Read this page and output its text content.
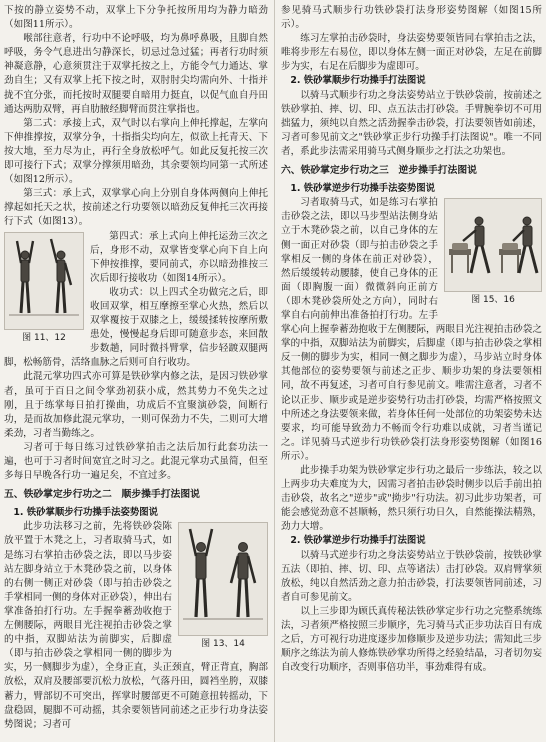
下按的静立姿势不动，双掌上下分争托按所用均为静力暗劲（如图11所示）。

喉部往意者，行功中不论呼吸，均为鼻呼鼻吸，且脚自然呼吸，务令气息进出匀静深长，切忌过急过猛；再者行功时须神凝意静，心意须贯注于双掌托按之上，方能令气力通达、掌劲自生；又有双掌上托下按之时，双肘肘尖均需向外、十指并拢不宜分张，而托按时双腿要自暗用力挺直，以促气血自丹田通达两肋双臂，再自肋腋经脚臂而贯注掌指也。

第二式：承接上式，双气时以右掌向上伸托撑起，左掌向下伸推撑按，双掌分争，十指指尖均向左，似欲上托青天、下按大地，至力尽为止，再行全身放松呼气。如此反复托按三次即可接行下式；双掌分撑须用暗劲，其余要领均同第一式所述（如图12所示）。

第三式：承上式，双掌掌心向上分别自身体两侧向上伸托撑起如托天之状，按前述之行功要领以暗劲反复伸托三次再接行下式（如图13）。

图 11、12

第四式：承上式向上伸托运劲三次之后，身形不动，双掌皆变掌心向下自上向下伸按推撑，要同前式，亦以暗劲推按三次后即行接收功（如图14所示）。

收功式：以上四式全功做完之后，即收回双掌，相互摩擦至掌心火热，然后以双掌覆按于双膝之上，缓缓揉转按摩所敷患处，慢慢起身后即可随意步态，来回散步数趟，同时微抖臂掌，信步轻踱双腿两脚，松畅筋骨，活络血脉之后则可自行收功。

此混元掌功四式亦可算是铁砂掌内修之法，是因习铁砂掌者，虽可于百日之间令掌劲初获小成，然其势力不免失之过刚，且于练掌每日拍打操曲，功成后不宜聚演砂袋，间断行功，是而故加修此混元掌功，一则可保劲力不失，二则可大增柔劲，习者当勤练之。

习者可于每日练习过铁砂掌拍击之法后加行此套功法一遍，也可于习者时间宽宜之时习之。此混元掌功式虽简，但至多每日早晚各行功一遍足矣，不宜过多。

五、铁砂掌定步行功之二　顺步操手打法图说

1. 铁砂掌顺步行功操手法姿势图说

图 13、14

此步功法移习之前，先将铁砂袋陈放平置于木凳之上，习者取骑马式，如是练习右掌拍击砂袋之法，即以马步姿站左脚身站立于木凳砂袋之前，以身体的右侧一侧正对砂袋（即与拍击砂袋之手掌相同一侧的身体对正砂袋），伸出右掌准备拍打行功。左手握拳蓄劲收抱于左侧腰际，两眼目光注视拍击砂袋之掌的中指，双脚站法为前脚实，后脚虚（即与拍击砂袋之掌相同一侧的脚步为实，另一侧脚步为虚），全身正直，头正颈直，臂正背直，胸部放松，双肩及腰部要沉松力放松，气落丹田，圆裆坐胯，双膝蓄力，臂部切不可突出，挥掌时腰部更不可随意扭转摇动，下盘稳固，腿脚不可动摇，其余要领皆同前述之正步行功身法姿势图说；习者可

参见骑马式顺步行功铁砂袋打法身形姿势图解（如图15所示）。

练习左掌拍击砂袋时，身法姿势要领皆同右掌拍击之法，唯将步形左右易位，即以身体左侧一面正对砂袋，左足在前脚步为实，右足在后脚步为虚即可。

2. 铁砂掌顺步行功操手打法图说

以骑马式顺步行功之身法姿势站立于铁砂袋前，按前述之铁砂掌拍、摔、切、印、点五法击打砂袋。手臂腕拳切不可用拙猛力，须纯以自然之活劲握拳击砂袋，打法要领皆如前述，习者可参见前文之"铁砂掌正步行功操手打法图说"。唯一不同者，系此步法需采用骑马式侧身顺步之打法之功架也。

六、铁砂掌定步行功之三　逆步操手打法图说

1. 铁砂掌逆步行功操手法姿势图说

图 15、16

习者取骑马式，如是练习右掌拍击砂袋之法，即以马步型站法侧身站立于木凳砂袋之前，以自己身体的左侧一面正对砂袋（即与拍击砂袋之手掌相反一侧的身体在前正对砂袋），然后缓缓转动腰膝，使自己身体的正面（即胸腹一面）微微斜向正前方（即木凳砂袋所处之方向），同时右掌自右向前伸出准备拍打行功。左手掌心向上握拳蓄劲抱收于左侧腰际，两眼目光注视拍击砂袋之掌的中指，双脚站法为前脚实，后脚虚（即与拍击砂袋之掌相反一侧的脚步为实，相同一侧之脚步为虚），马步站立时身体其他部位的姿势要领与前述之正步、顺步功架的身法要领相同，故不再复述，习者可自行参见前文。唯需注意者，习者不论以正步、顺步或是逆步姿势行功击打砂袋，均需严格按照文中所述之身法要领来做，若身体任何一处部位的功架姿势未达要求，均可能导致劲力不畅而令行功难以成就，习者当谨记之。详见骑马式逆步行功铁砂袋打法身形姿势图解（如图16所示）。

此步操手功架为铁砂掌定步行功之最后一步练法，较之以上两步功夫难度为大，因需习者拍击砂袋时侧步以后手前出拍击砂袋，故名之"逆步"或"拗步"行功法。初习此步功架者，可能会感觉劲意不甚顺畅，然只须行功日久，自然能操法精熟，劲力大增。

2. 铁砂掌逆步行功操手打法图说

以骑马式逆步行功之身法姿势站立于铁砂袋前，按铁砂掌五法（即拍、摔、切、印、点等诸法）击打砂袋。双肩臂掌须放松，纯以自然活劲之意力拍击砂袋，打法要领皆同前述，习者自可参见前文。

以上三步即为顾氏真传秘法铁砂掌定步行功之完整系统练法，习者须严格按照三步顺序，先习骑马式正步功法百日有成之后，方可视行功进度逐步加修顺步及逆步功法；需知此三步顺序之练法为前人修炼铁砂掌功所得之经验结晶，习者切勿妄自改变行功顺序，否则事倍功半，事劲难得有成。
